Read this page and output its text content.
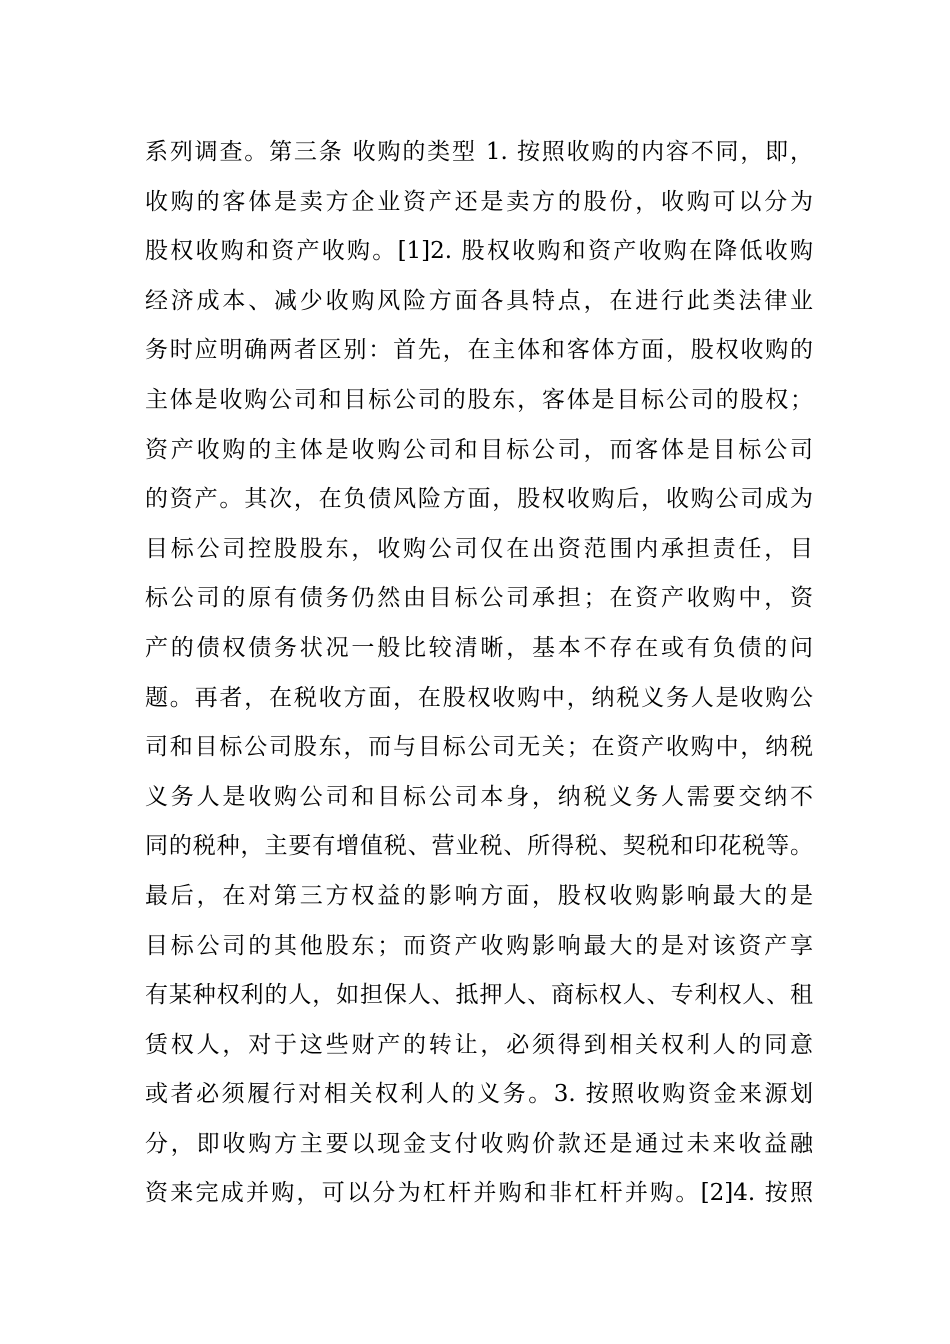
系列调查。第三条 收购的类型 1. 按照收购的内容不同，即，
收购的客体是卖方企业资产还是卖方的股份，收购可以分为
股权收购和资产收购。[1]2. 股权收购和资产收购在降低收购
经济成本、减少收购风险方面各具特点，在进行此类法律业
务时应明确两者区别：首先，在主体和客体方面，股权收购的
主体是收购公司和目标公司的股东，客体是目标公司的股权；
资产收购的主体是收购公司和目标公司，而客体是目标公司
的资产。其次，在负债风险方面，股权收购后，收购公司成为
目标公司控股股东，收购公司仅在出资范围内承担责任，目
标公司的原有债务仍然由目标公司承担；在资产收购中，资
产的债权债务状况一般比较清晰，基本不存在或有负债的问
题。再者，在税收方面，在股权收购中，纳税义务人是收购公
司和目标公司股东，而与目标公司无关；在资产收购中，纳税
义务人是收购公司和目标公司本身，纳税义务人需要交纳不
同的税种，主要有增值税、营业税、所得税、契税和印花税等。
最后，在对第三方权益的影响方面，股权收购影响最大的是
目标公司的其他股东；而资产收购影响最大的是对该资产享
有某种权利的人，如担保人、抵押人、商标权人、专利权人、租
赁权人，对于这些财产的转让，必须得到相关权利人的同意
或者必须履行对相关权利人的义务。3. 按照收购资金来源划
分，即收购方主要以现金支付收购价款还是通过未来收益融
资来完成并购，可以分为杠杆并购和非杠杆并购。[2]4. 按照
